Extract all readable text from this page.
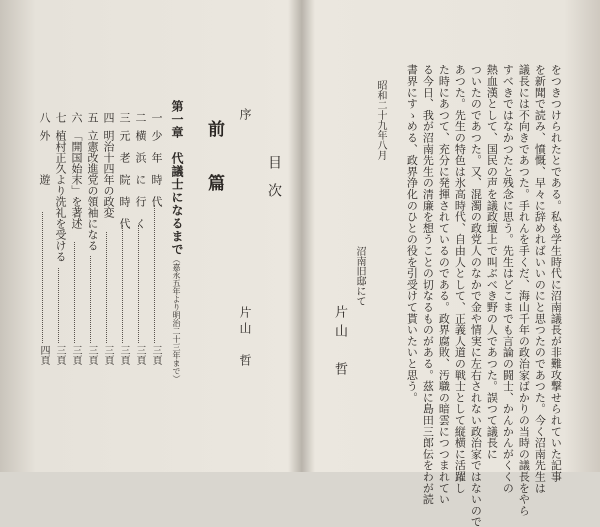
をつきつけられたとである。私も学生時代に沼南議長が非難攻撃せられていた記事
を新聞で読み、憤慨、早々に辞めればいいのにと思つたのであつた。今く沼南先生は
議長には不向きであつた。手れんを手くだ、海山千年の政治家ばかりの当時の議長をやら
すべきではなかつたと残念に思う。先生はどこまでも言論の闘士、かんかんがくくの
熱血漢として、国民の声を議政壇上で叫ぶべき野の人であつた。誤つて議長に
ついたのであつた。又、混濁の政党人のなかで金や情実に左右されない政治家ではないので
あつた。先生の特色は氷高時代、自由人として、正義人道の戦士として縦横に活躍し
た時にあつて、充分に発揮されているのである。政界腐敗、汚職の暗雲につつまれてい
る今日、我が沼南先生の清廉を想うことの切なるものがある。茲に島田三郎伝をわが読
書界にすゝめる、政界浄化のひとの役を引受けて貰いたいと思う。
昭和二十九年八月
沼南旧邸にて
片山　哲
目次
序
片山　哲
前　篇
第一章　代議士になるまで
（嘉永五年より明治二十三年まで）
一
少　年　時　代
三頁
二
横　浜　に　行　く
三頁
三
元　老　院　時　代
三頁
四
明治十四年の政変
三頁
五
立憲改進党の領袖になる
三頁
六
「開国始末」を著述
三頁
七
植村正久より洗礼を受ける
三頁
八
外　　　遊
四頁
